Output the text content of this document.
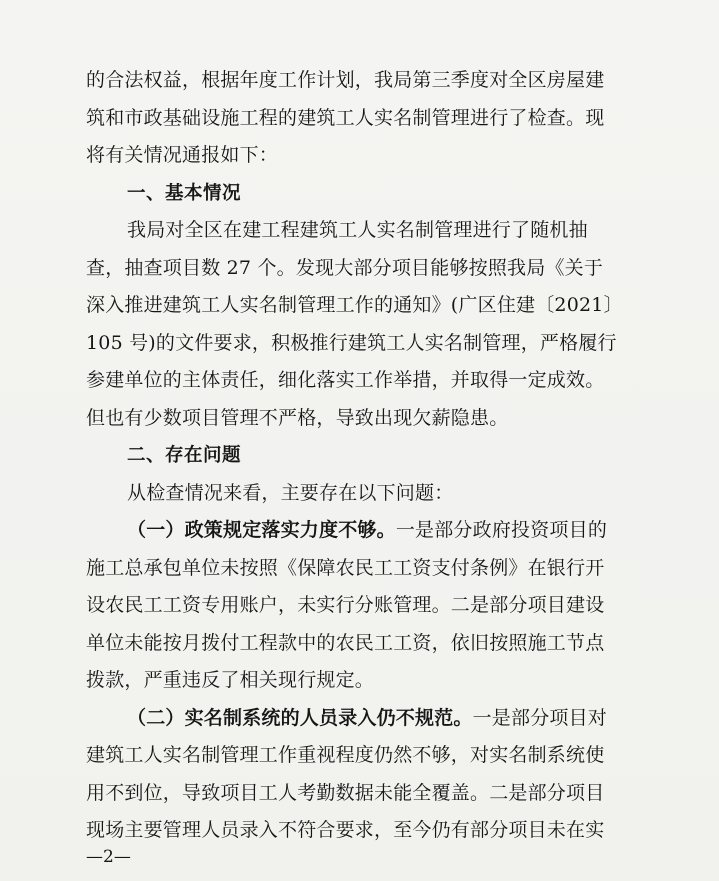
的合法权益，根据年度工作计划，我局第三季度对全区房屋建
筑和市政基础设施工程的建筑工人实名制管理进行了检查。现
将有关情况通报如下：
一、基本情况
我局对全区在建工程建筑工人实名制管理进行了随机抽
查，抽查项目数 27 个。发现大部分项目能够按照我局《关于
深入推进建筑工人实名制管理工作的通知》(广区住建〔2021〕
105 号)的文件要求，积极推行建筑工人实名制管理，严格履行
参建单位的主体责任，细化落实工作举措，并取得一定成效。
但也有少数项目管理不严格，导致出现欠薪隐患。
二、存在问题
从检查情况来看，主要存在以下问题：
（一）政策规定落实力度不够。一是部分政府投资项目的
施工总承包单位未按照《保障农民工工资支付条例》在银行开
设农民工工资专用账户，未实行分账管理。二是部分项目建设
单位未能按月拨付工程款中的农民工工资，依旧按照施工节点
拨款，严重违反了相关现行规定。
（二）实名制系统的人员录入仍不规范。一是部分项目对
建筑工人实名制管理工作重视程度仍然不够，对实名制系统使
用不到位，导致项目工人考勤数据未能全覆盖。二是部分项目
现场主要管理人员录入不符合要求，至今仍有部分项目未在实
—2—
